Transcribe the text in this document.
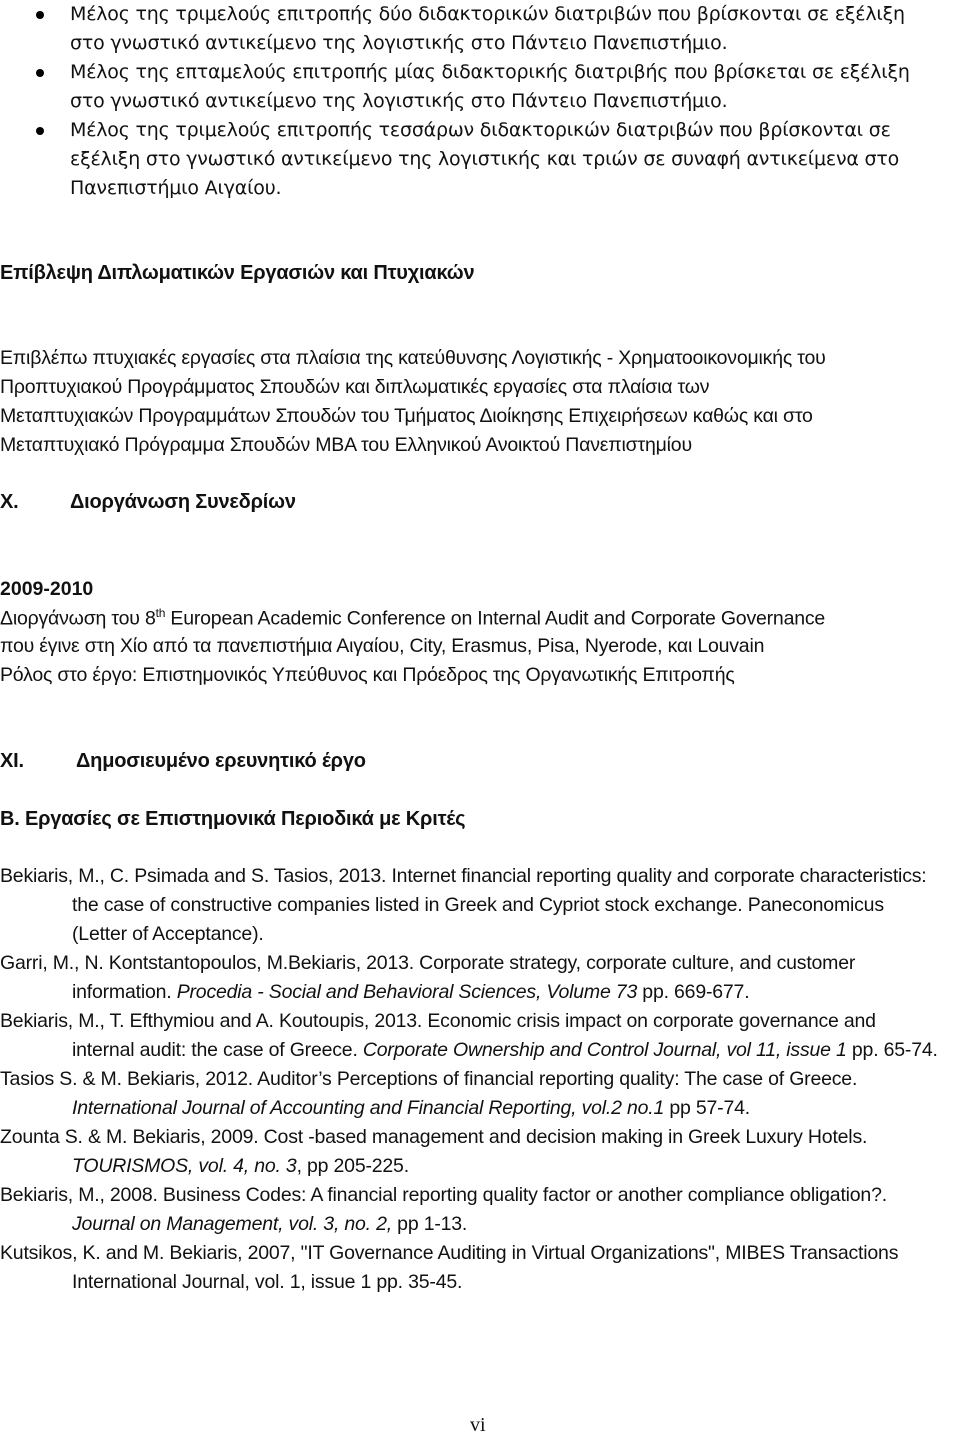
Μέλος της τριμελούς επιτροπής δύο διδακτορικών διατριβών που βρίσκονται σε εξέλιξη στο γνωστικό αντικείμενο της λογιστικής στο Πάντειο Πανεπιστήμιο.
Μέλος της επταμελούς επιτροπής μίας διδακτορικής διατριβής που βρίσκεται σε εξέλιξη στο γνωστικό αντικείμενο της λογιστικής στο Πάντειο Πανεπιστήμιο.
Μέλος της τριμελούς επιτροπής τεσσάρων διδακτορικών διατριβών που βρίσκονται σε εξέλιξη στο γνωστικό αντικείμενο της λογιστικής και τριών σε συναφή αντικείμενα στο Πανεπιστήμιο Αιγαίου.
Επίβλεψη Διπλωματικών Εργασιών και Πτυχιακών
Επιβλέπω πτυχιακές εργασίες στα πλαίσια της κατεύθυνσης Λογιστικής - Χρηματοοικονομικής του
Προπτυχιακού Προγράμματος Σπουδών και διπλωματικές εργασίες στα πλαίσια των
Μεταπτυχιακών Προγραμμάτων Σπουδών του Τμήματος Διοίκησης Επιχειρήσεων καθώς και στο
Μεταπτυχιακό Πρόγραμμα Σπουδών MBA του Ελληνικού Ανοικτού Πανεπιστημίου
X.	Διοργάνωση Συνεδρίων
2009-2010
Διοργάνωση του 8th European Academic Conference on Internal Audit and Corporate Governance
που έγινε στη Χίο από τα πανεπιστήμια Αιγαίου, City, Erasmus, Pisa, Nyerode, και Louvain
Ρόλος στο έργο: Επιστημονικός Υπεύθυνος και Πρόεδρος της Οργανωτικής Επιτροπής
XI.	Δημοσιευμένο ερευνητικό έργο
B. Εργασίες σε Επιστημονικά Περιοδικά με Κριτές
Bekiaris, M., C. Psimada and S. Tasios, 2013. Internet financial reporting quality and corporate characteristics: the case of constructive companies listed in Greek and Cypriot stock exchange. Paneconomicus (Letter of Acceptance).
Garri, M., N. Kontstantopoulos, M.Bekiaris, 2013. Corporate strategy, corporate culture, and customer information. Procedia - Social and Behavioral Sciences, Volume 73 pp. 669-677.
Bekiaris, M., T. Efthymiou and A. Koutoupis, 2013. Economic crisis impact on corporate governance and internal audit: the case of Greece. Corporate Ownership and Control Journal, vol 11, issue 1 pp. 65-74.
Tasios S. & M. Bekiaris, 2012. Auditor’s Perceptions of financial reporting quality: The case of Greece. International Journal of Accounting and Financial Reporting, vol.2 no.1 pp 57-74.
Zounta S. & M. Bekiaris, 2009. Cost -based management and decision making in Greek Luxury Hotels. TOURISMOS, vol. 4, no. 3, pp 205-225.
Bekiaris, M., 2008. Business Codes: A financial reporting quality factor or another compliance obligation?. Journal on Management, vol. 3, no. 2, pp 1-13.
Kutsikos, K. and M. Bekiaris, 2007, "IT Governance Auditing in Virtual Organizations", MIBES Transactions International Journal, vol. 1, issue 1 pp. 35-45.
vi
